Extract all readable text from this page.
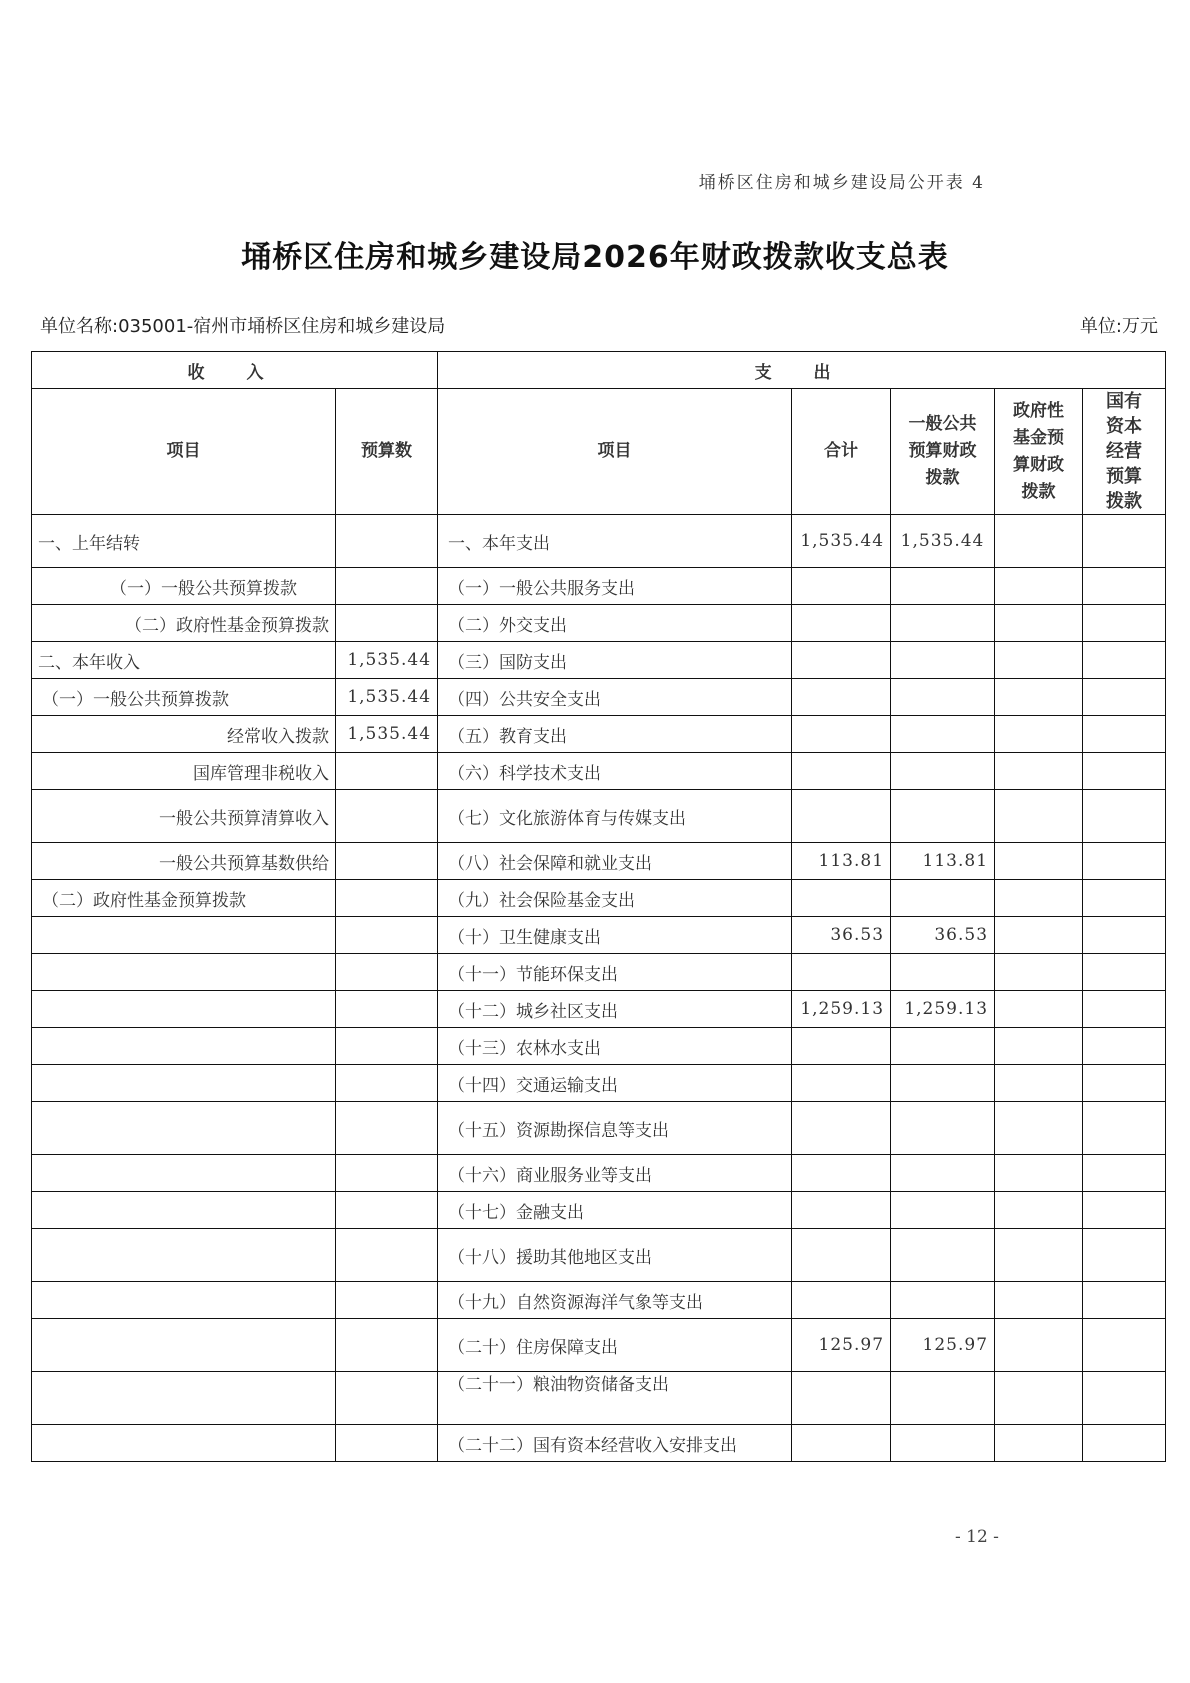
埇桥区住房和城乡建设局公开表 4
埇桥区住房和城乡建设局2026年财政拨款收支总表
单位名称:035001-宿州市埇桥区住房和城乡建设局	单位:万元
收 入		支 出				
项目	预算数	项目	合计	一般公共预算财政拨款	政府性基金预算财政拨款	国有资本经营预算拨款
一、上年结转		一、本年支出	1,535.44	1,535.44		
（一）一般公共预算拨款		（一）一般公共服务支出				
（二）政府性基金预算拨款		（二）外交支出				
二、本年收入	1,535.44	（三）国防支出				
（一）一般公共预算拨款	1,535.44	（四）公共安全支出				
经常收入拨款	1,535.44	（五）教育支出				
国库管理非税收入		（六）科学技术支出				
一般公共预算清算收入		（七）文化旅游体育与传媒支出				
一般公共预算基数供给		（八）社会保障和就业支出	113.81	113.81		
（二）政府性基金预算拨款		（九）社会保险基金支出				
		（十）卫生健康支出	36.53	36.53		
		（十一）节能环保支出				
		（十二）城乡社区支出	1,259.13	1,259.13		
		（十三）农林水支出				
		（十四）交通运输支出				
		（十五）资源勘探信息等支出				
		（十六）商业服务业等支出				
		（十七）金融支出				
		（十八）援助其他地区支出				
		（十九）自然资源海洋气象等支出				
		（二十）住房保障支出	125.97	125.97		
		（二十一）粮油物资储备支出				
		（二十二）国有资本经营收入安排支出				
- 12 -
